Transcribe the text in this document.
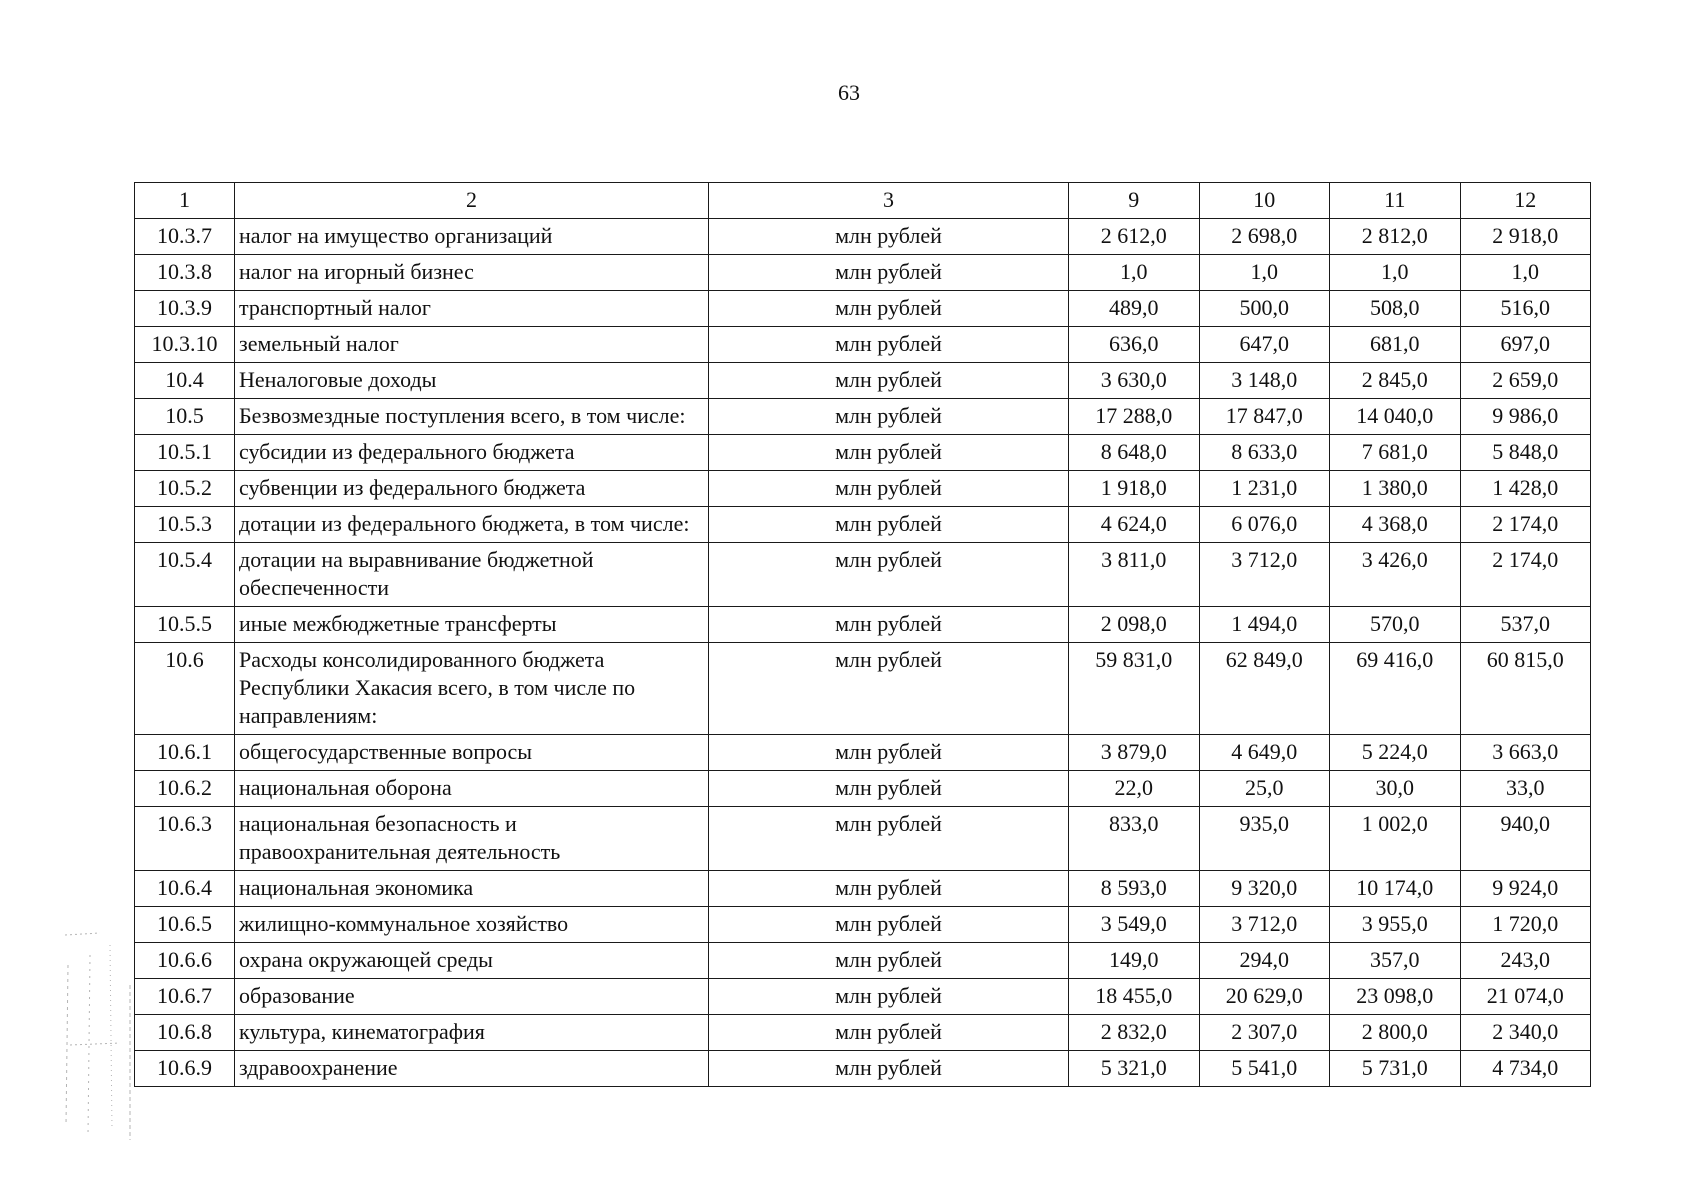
63
1	2	3	9	10	11	12
10.3.7	налог на имущество организаций	млн рублей	2 612,0	2 698,0	2 812,0	2 918,0
10.3.8	налог на игорный бизнес	млн рублей	1,0	1,0	1,0	1,0
10.3.9	транспортный налог	млн рублей	489,0	500,0	508,0	516,0
10.3.10	земельный налог	млн рублей	636,0	647,0	681,0	697,0
10.4	Неналоговые доходы	млн рублей	3 630,0	3 148,0	2 845,0	2 659,0
10.5	Безвозмездные поступления всего, в том числе:	млн рублей	17 288,0	17 847,0	14 040,0	9 986,0
10.5.1	субсидии из федерального бюджета	млн рублей	8 648,0	8 633,0	7 681,0	5 848,0
10.5.2	субвенции из федерального бюджета	млн рублей	1 918,0	1 231,0	1 380,0	1 428,0
10.5.3	дотации из федерального бюджета, в том числе:	млн рублей	4 624,0	6 076,0	4 368,0	2 174,0
10.5.4	дотации на выравнивание бюджетной обеспеченности	млн рублей	3 811,0	3 712,0	3 426,0	2 174,0
10.5.5	иные межбюджетные трансферты	млн рублей	2 098,0	1 494,0	570,0	537,0
10.6	Расходы консолидированного бюджета Республики Хакасия всего, в том числе по направлениям:	млн рублей	59 831,0	62 849,0	69 416,0	60 815,0
10.6.1	общегосударственные вопросы	млн рублей	3 879,0	4 649,0	5 224,0	3 663,0
10.6.2	национальная оборона	млн рублей	22,0	25,0	30,0	33,0
10.6.3	национальная безопасность и правоохранительная деятельность	млн рублей	833,0	935,0	1 002,0	940,0
10.6.4	национальная экономика	млн рублей	8 593,0	9 320,0	10 174,0	9 924,0
10.6.5	жилищно-коммунальное хозяйство	млн рублей	3 549,0	3 712,0	3 955,0	1 720,0
10.6.6	охрана окружающей среды	млн рублей	149,0	294,0	357,0	243,0
10.6.7	образование	млн рублей	18 455,0	20 629,0	23 098,0	21 074,0
10.6.8	культура, кинематография	млн рублей	2 832,0	2 307,0	2 800,0	2 340,0
10.6.9	здравоохранение	млн рублей	5 321,0	5 541,0	5 731,0	4 734,0
